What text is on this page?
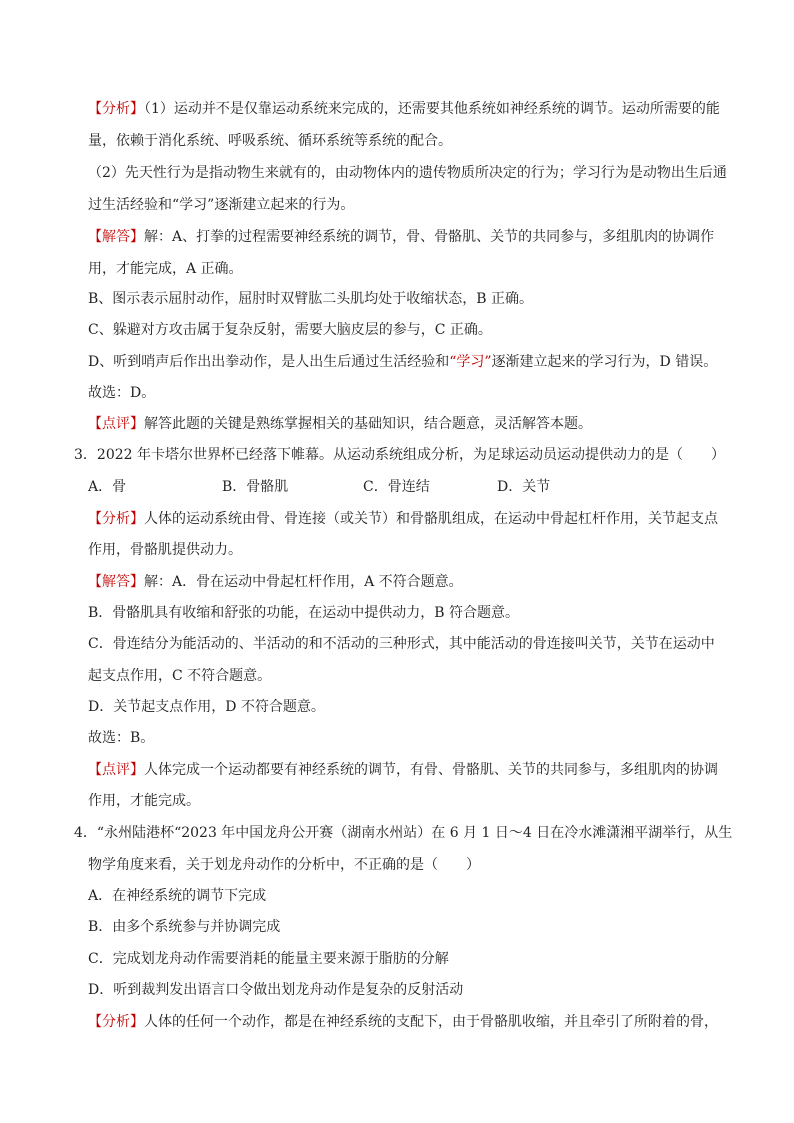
【分析】（1）运动并不是仅靠运动系统来完成的，还需要其他系统如神经系统的调节。运动所需要的能
量，依赖于消化系统、呼吸系统、循环系统等系统的配合。
（2）先天性行为是指动物生来就有的，由动物体内的遗传物质所决定的行为；学习行为是动物出生后通
过生活经验和“学习”逐渐建立起来的行为。
【解答】解：A、打拳的过程需要神经系统的调节，骨、骨骼肌、关节的共同参与，多组肌肉的协调作
用，才能完成，A 正确。
B、图示表示屈肘动作，屈肘时双臂肱二头肌均处于收缩状态，B 正确。
C、躲避对方攻击属于复杂反射，需要大脑皮层的参与，C 正确。
D、听到哨声后作出出拳动作，是人出生后通过生活经验和“学习”逐渐建立起来的学习行为，D 错误。
故选：D。
【点评】解答此题的关键是熟练掌握相关的基础知识，结合题意，灵活解答本题。
3．2022 年卡塔尔世界杯已经落下帷幕。从运动系统组成分析，为足球运动员运动提供动力的是（　　）
A．骨	B．骨骼肌	C．骨连结	D．关节
【分析】人体的运动系统由骨、骨连接（或关节）和骨骼肌组成，在运动中骨起杠杆作用，关节起支点
作用，骨骼肌提供动力。
【解答】解：A．骨在运动中骨起杠杆作用，A 不符合题意。
B．骨骼肌具有收缩和舒张的功能，在运动中提供动力，B 符合题意。
C．骨连结分为能活动的、半活动的和不活动的三种形式，其中能活动的骨连接叫关节，关节在运动中
起支点作用，C 不符合题意。
D．关节起支点作用，D 不符合题意。
故选：B。
【点评】人体完成一个运动都要有神经系统的调节，有骨、骨骼肌、关节的共同参与，多组肌肉的协调
作用，才能完成。
4．“永州陆港杯“2023 年中国龙舟公开赛（湖南水州站）在 6 月 1 日～4 日在冷水滩潇湘平湖举行，从生
物学角度来看，关于划龙舟动作的分析中，不正确的是（　　）
A．在神经系统的调节下完成
B．由多个系统参与并协调完成
C．完成划龙舟动作需要消耗的能量主要来源于脂肪的分解
D．听到裁判发出语言口令做出划龙舟动作是复杂的反射活动
【分析】人体的任何一个动作，都是在神经系统的支配下，由于骨骼肌收缩，并且牵引了所附着的骨，
